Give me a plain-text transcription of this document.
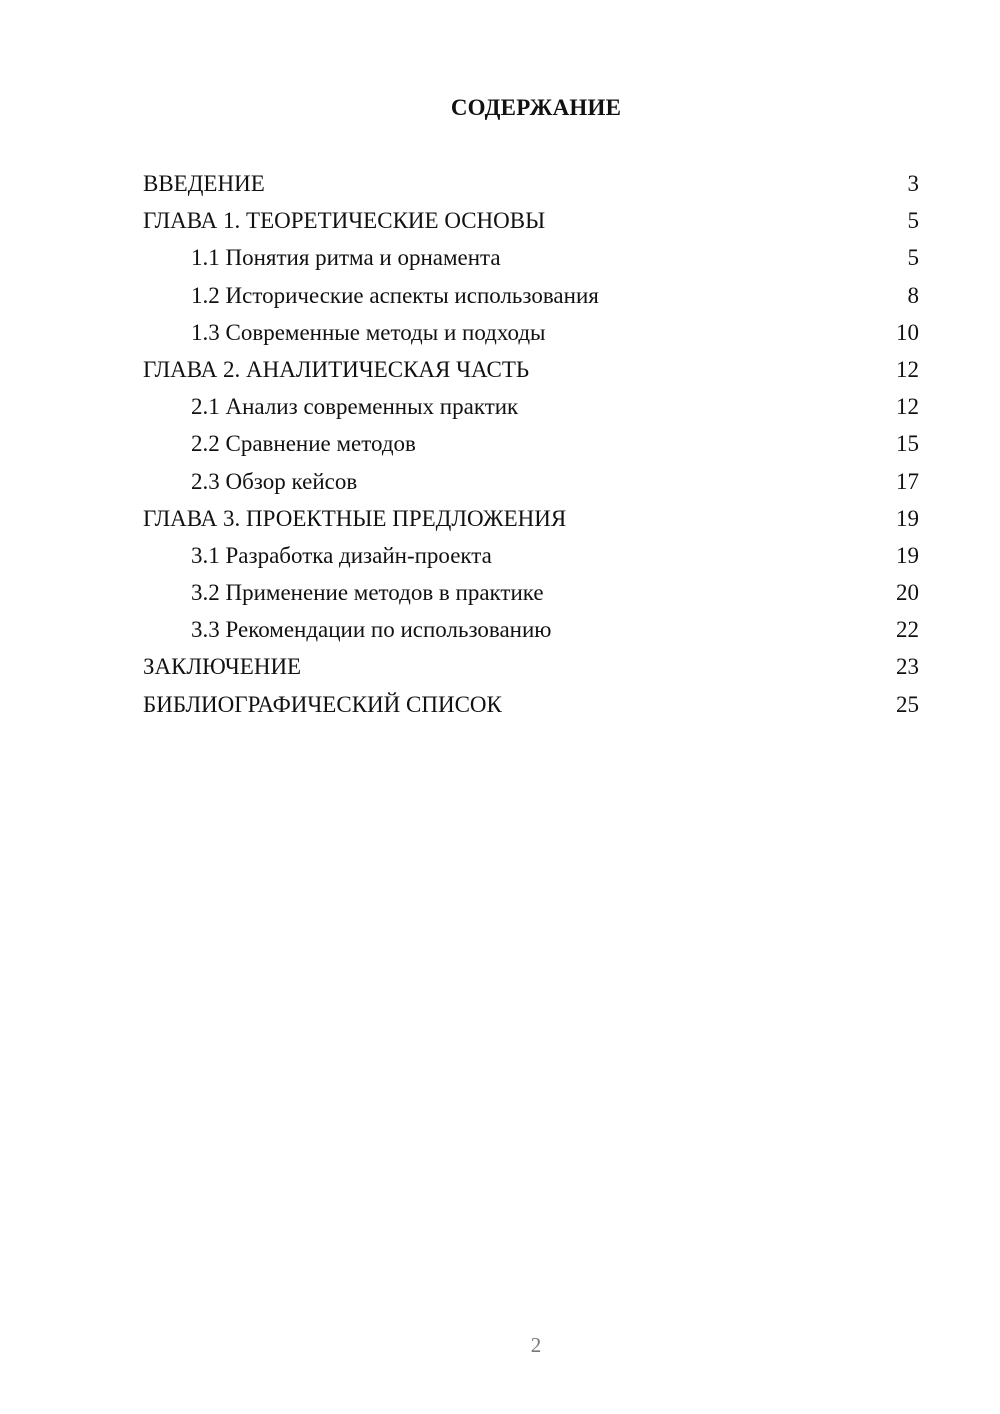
СОДЕРЖАНИЕ
ВВЕДЕНИЕ	3
ГЛАВА 1. ТЕОРЕТИЧЕСКИЕ ОСНОВЫ	5
1.1 Понятия ритма и орнамента	5
1.2 Исторические аспекты использования	8
1.3 Современные методы и подходы	10
ГЛАВА 2. АНАЛИТИЧЕСКАЯ ЧАСТЬ	12
2.1 Анализ современных практик	12
2.2 Сравнение методов	15
2.3 Обзор кейсов	17
ГЛАВА 3. ПРОЕКТНЫЕ ПРЕДЛОЖЕНИЯ	19
3.1 Разработка дизайн-проекта	19
3.2 Применение методов в практике	20
3.3 Рекомендации по использованию	22
ЗАКЛЮЧЕНИЕ	23
БИБЛИОГРАФИЧЕСКИЙ СПИСОК	25
2
